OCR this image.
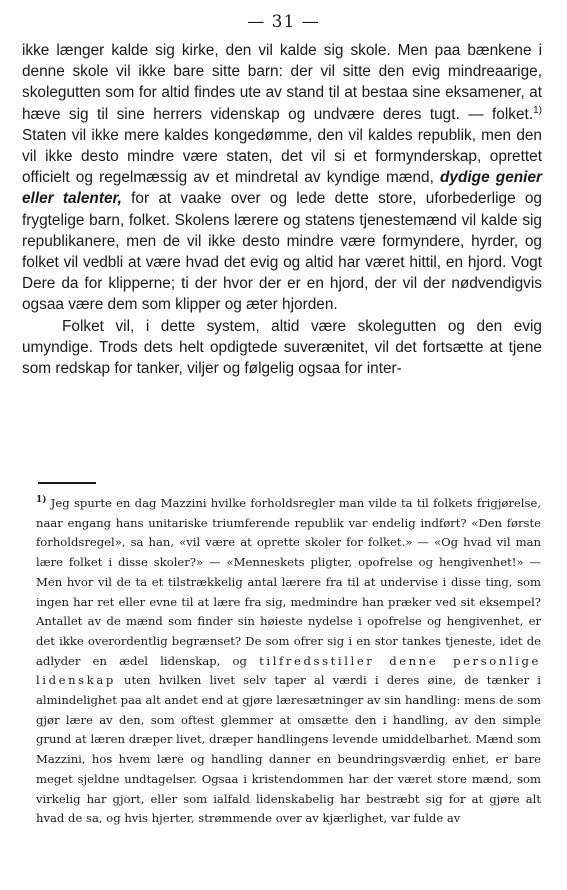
— 31 —

ikke længer kalde sig kirke, den vil kalde sig skole. Men paa bænkene i denne skole vil ikke bare sitte barn: der vil sitte den evig mindreaarige, skolegutten som for altid findes ute av stand til at bestaa sine eksamener, at hæve sig til sine herrers videnskap og undvære deres tugt. — folket.$^{1)}$ Staten vil ikke mere kaldes kongedømme, den vil kaldes republik, men den vil ikke desto mindre være staten, det vil si et formynderskap, oprettet officielt og regelmæssig av et mindretal av kyndige mænd, dydige genier eller talenter, for at vaake over og lede dette store, uforbederlige og frygtelige barn, folket. Skolens lærere og statens tjenestemænd vil kalde sig republikanere, men de vil ikke desto mindre være formyndere, hyrder, og folket vil vedbli at være hvad det evig og altid har været hittil, en hjord. Vogt Dere da for klipperne; ti der hvor der er en hjord, der vil der nødvendigvis ogsaa være dem som klipper og æter hjorden.

Folket vil, i dette system, altid være skolegutten og den evig umyndige. Trods dets helt opdigtede suverænitet, vil det fortsætte at tjene som redskap for tanker, viljer og følgelig ogsaa for inter-

$^{1)}$ Jeg spurte en dag Mazzini hvilke forholdsregler man vilde ta til folkets frigjørelse, naar engang hans unitariske triumferende republik var endelig indført? «Den første forholdsregel», sa han, «vil være at oprette skoler for folket.» — «Og hvad vil man lære folket i disse skoler?» — «Menneskets pligter, opofrelse og hengivenhet!» — Men hvor vil de ta et tilstrækkelig antal lærere fra til at undervise i disse ting, som ingen har ret eller evne til at lære fra sig, medmindre han præker ved sit eksempel? Antallet av de mænd som finder sin høieste nydelse i opofrelse og hengivenhet, er det ikke overordentlig begrænset? De som ofrer sig i en stor tankes tjeneste, idet de adlyder en ædel lidenskap, og tilfredsstiller denne personlige lidenskap uten hvilken livet selv taper al værdi i deres øine, de tænker i almindelighet paa alt andet end at gjøre læresætninger av sin handling: mens de som gjør lære av den, som oftest glemmer at omsætte den i handling, av den simple grund at læren dræper livet, dræper handlingens levende umiddelbarhet. Mænd som Mazzini, hos hvem lære og handling danner en beundringsværdig enhet, er bare meget sjeldne undtagelser. Ogsaa i kristendommen har der været store mænd, som virkelig har gjort, eller som ialfald lidenskabelig har bestræbt sig for at gjøre alt hvad de sa, og hvis hjerter, strømmende over av kjærlighet, var fulde av
